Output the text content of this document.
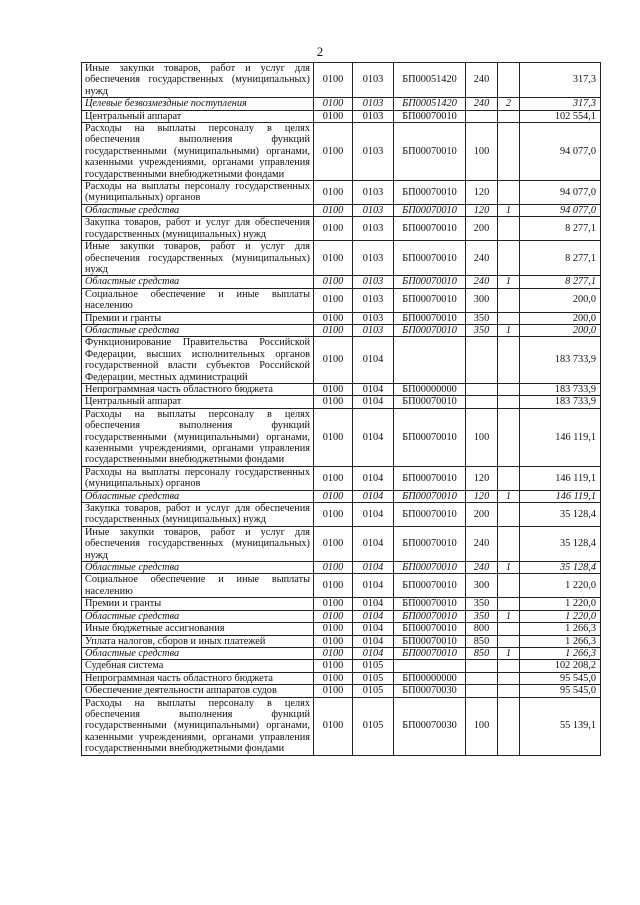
2
Иные закупки товаров, работ и услуг для обеспечения государственных (муниципальных) нужд	0100	0103	БП00051420	240		317,3
Целевые безвозмездные поступления	0100	0103	БП00051420	240	2	317,3
Центральный аппарат	0100	0103	БП00070010			102 554,1
Расходы на выплаты персоналу в целях обеспечения выполнения функций государственными (муниципальными) органами, казенными учреждениями, органами управления государственными внебюджетными фондами	0100	0103	БП00070010	100		94 077,0
Расходы на выплаты персоналу государственных (муниципальных) органов	0100	0103	БП00070010	120		94 077,0
Областные средства	0100	0103	БП00070010	120	1	94 077,0
Закупка товаров, работ и услуг для обеспечения государственных (муниципальных) нужд	0100	0103	БП00070010	200		8 277,1
Иные закупки товаров, работ и услуг для обеспечения государственных (муниципальных) нужд	0100	0103	БП00070010	240		8 277,1
Областные средства	0100	0103	БП00070010	240	1	8 277,1
Социальное обеспечение и иные выплаты населению	0100	0103	БП00070010	300		200,0
Премии и гранты	0100	0103	БП00070010	350		200,0
Областные средства	0100	0103	БП00070010	350	1	200,0
Функционирование Правительства Российской Федерации, высших исполнительных органов государственной власти субъектов Российской Федерации, местных администраций	0100	0104				183 733,9
Непрограммная часть областного бюджета	0100	0104	БП00000000			183 733,9
Центральный аппарат	0100	0104	БП00070010			183 733,9
Расходы на выплаты персоналу в целях обеспечения выполнения функций государственными (муниципальными) органами, казенными учреждениями, органами управления государственными внебюджетными фондами	0100	0104	БП00070010	100		146 119,1
Расходы на выплаты персоналу государственных (муниципальных) органов	0100	0104	БП00070010	120		146 119,1
Областные средства	0100	0104	БП00070010	120	1	146 119,1
Закупка товаров, работ и услуг для обеспечения государственных (муниципальных) нужд	0100	0104	БП00070010	200		35 128,4
Иные закупки товаров, работ и услуг для обеспечения государственных (муниципальных) нужд	0100	0104	БП00070010	240		35 128,4
Областные средства	0100	0104	БП00070010	240	1	35 128,4
Социальное обеспечение и иные выплаты населению	0100	0104	БП00070010	300		1 220,0
Премии и гранты	0100	0104	БП00070010	350		1 220,0
Областные средства	0100	0104	БП00070010	350	1	1 220,0
Иные бюджетные ассигнования	0100	0104	БП00070010	800		1 266,3
Уплата налогов, сборов и иных платежей	0100	0104	БП00070010	850		1 266,3
Областные средства	0100	0104	БП00070010	850	1	1 266,3
Судебная система	0100	0105				102 208,2
Непрограммная часть областного бюджета	0100	0105	БП00000000			95 545,0
Обеспечение деятельности аппаратов судов	0100	0105	БП00070030			95 545,0
Расходы на выплаты персоналу в целях обеспечения выполнения функций государственными (муниципальными) органами, казенными учреждениями, органами управления государственными внебюджетными фондами	0100	0105	БП00070030	100		55 139,1
